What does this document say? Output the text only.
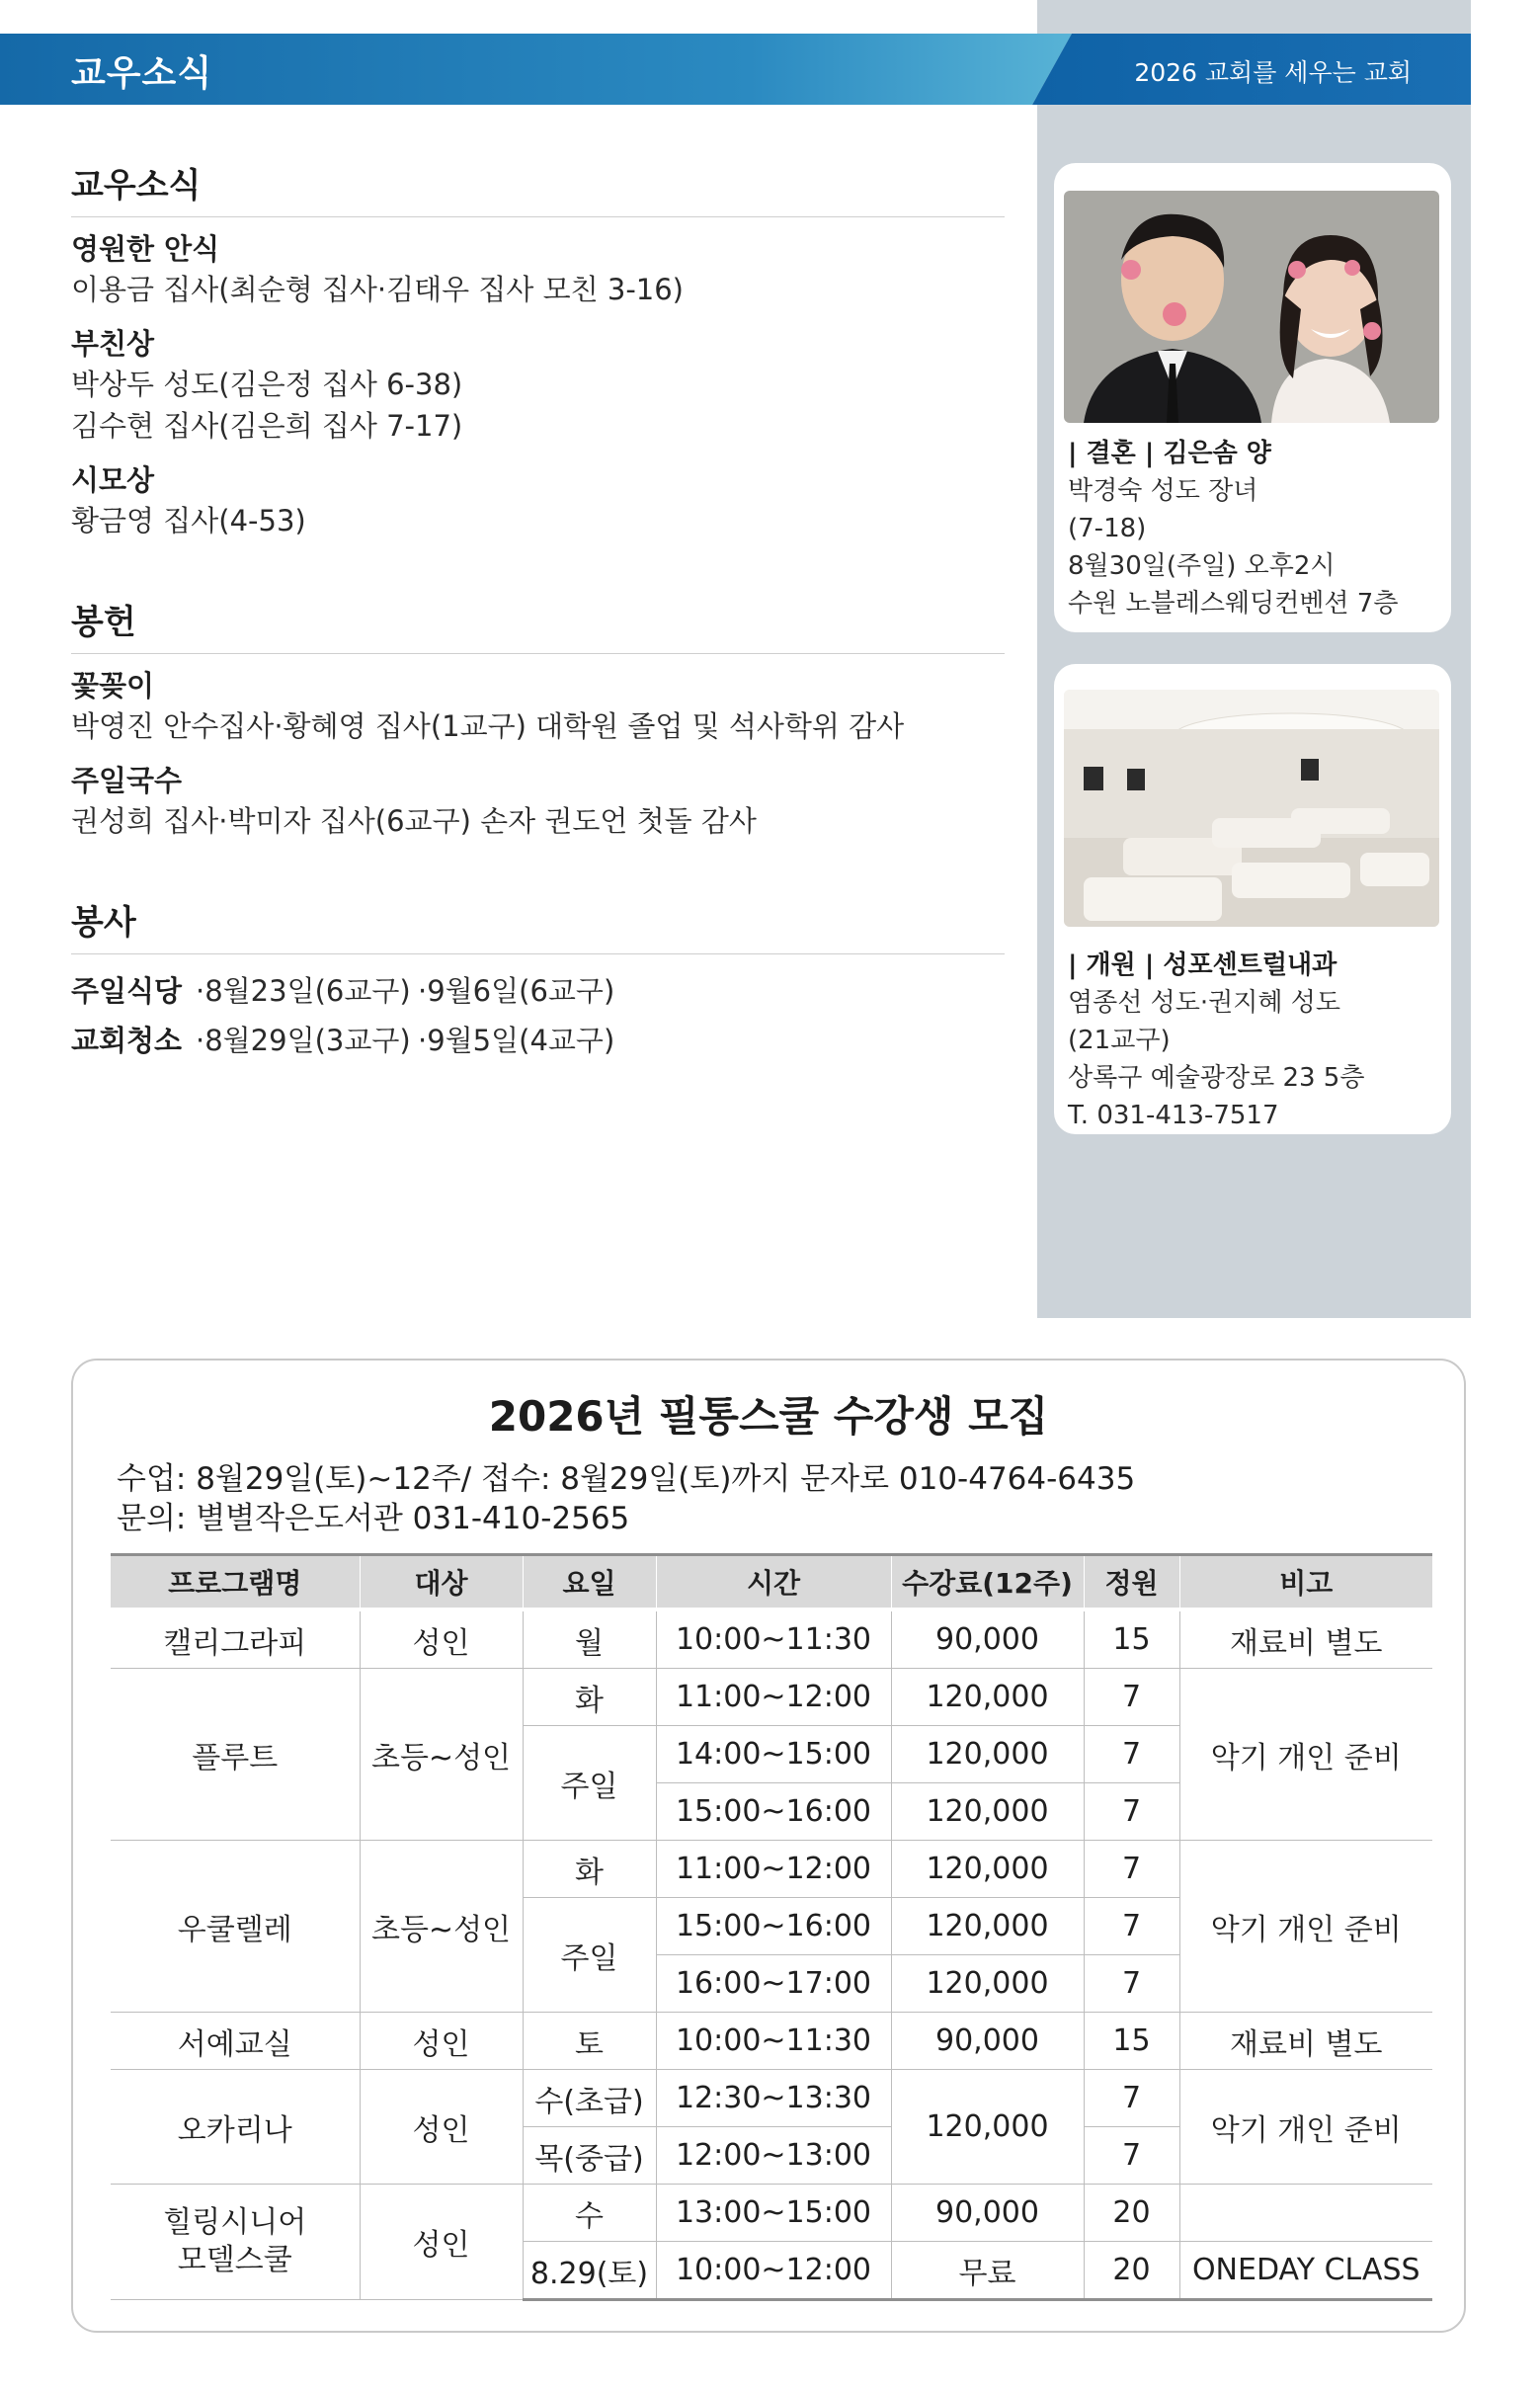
교우소식	2026 교회를 세우는 교회
교우소식
영원한 안식
이용금 집사(최순형 집사·김태우 집사 모친 3-16)
부친상
박상두 성도(김은정 집사 6-38)
김수현 집사(김은희 집사 7-17)
시모상
황금영 집사(4-53)
봉헌
꽃꽂이
박영진 안수집사·황혜영 집사(1교구) 대학원 졸업 및 석사학위 감사
주일국수
권성희 집사·박미자 집사(6교구) 손자 권도언 첫돌 감사
봉사
주일식당 ·8월23일(6교구) ·9월6일(6교구)
교회청소 ·8월29일(3교구) ·9월5일(4교구)
| 결혼 | 김은솜 양
박경숙 성도 장녀
(7-18)
8월30일(주일) 오후2시
수원 노블레스웨딩컨벤션 7층
| 개원 | 성포센트럴내과
염종선 성도·권지혜 성도
(21교구)
상록구 예술광장로 23 5층
T. 031-413-7517
2026년 필통스쿨 수강생 모집
수업: 8월29일(토)~12주/ 접수: 8월29일(토)까지 문자로 010-4764-6435
문의: 별별작은도서관 031-410-2565
프로그램명	대상	요일	시간	수강료(12주)	정원	비고
캘리그라피	성인	월	10:00~11:30	90,000	15	재료비 별도
플루트	초등~성인	화	11:00~12:00	120,000	7	악기 개인 준비
		주일	14:00~15:00	120,000	7	
			15:00~16:00	120,000	7	
우쿨렐레	초등~성인	화	11:00~12:00	120,000	7	악기 개인 준비
		주일	15:00~16:00	120,000	7	
			16:00~17:00	120,000	7	
서예교실	성인	토	10:00~11:30	90,000	15	재료비 별도
오카리나	성인	수(초급)	12:30~13:30	120,000	7	악기 개인 준비
		목(중급)	12:00~13:00		7	
힐링시니어
모델스쿨	성인	수	13:00~15:00	90,000	20	
		8.29(토)	10:00~12:00	무료	20	ONEDAY CLASS
